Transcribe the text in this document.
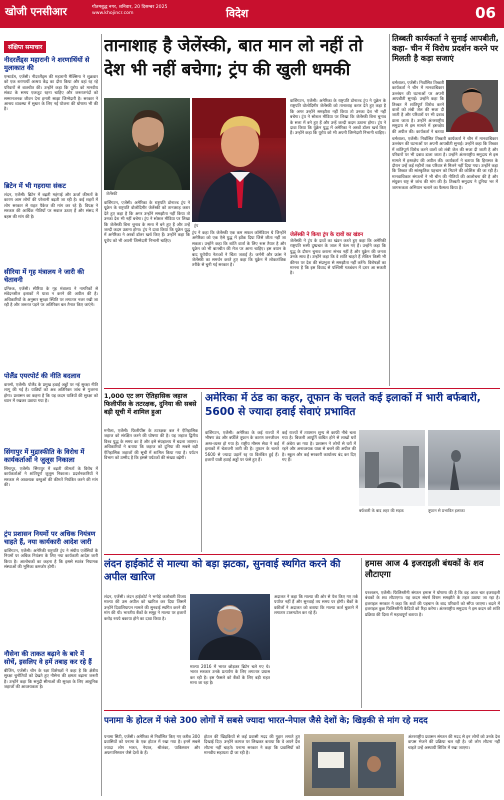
खोजी एनसीआर	गौतमबुद्ध नगर, शनिवार, 20 दिसम्बर 2025
www.khojincr.com	विदेश	06
संक्षिप्त समाचार
नीदरलैंड्स महारानी ने शरणार्थियों से मुलाकात की

एम्स्टर्डम, एजेंसी। नीदरलैंड्स की महारानी मैक्सिमा ने शुक्रवार को एक शरणार्थी आश्रय केंद्र का दौरा किया और वहां रह रहे परिवारों से बातचीत की। उन्होंने कहा कि यूरोप को मानवीय संकट के समय एकजुट रहना चाहिए और जरूरतमंदों को सम्मानजनक जीवन देना हमारी साझा जिम्मेदारी है। सरकार ने आश्रय व्यवस्था में सुधार के लिए नई योजना की घोषणा भी की है।

ब्रिटेन में भी गहराया संकट

लंदन, एजेंसी। ब्रिटेन में बढ़ती महंगाई और ऊर्जा कीमतों के कारण आम लोगों की परेशानी बढ़ती जा रही है। कई शहरों में लोग सरकार से राहत पैकेज की मांग कर रहे हैं। विपक्ष ने सरकार की आर्थिक नीतियों पर सवाल उठाए हैं और संसद में बहस की मांग की है।

सीरिया में गृह मंत्रालय ने जारी की चेतावनी

दमिश्क, एजेंसी। सीरिया के गृह मंत्रालय ने नागरिकों से संवेदनशील इलाकों में यात्रा न करने की अपील की है। अधिकारियों के अनुसार सुरक्षा स्थिति पर लगातार नजर रखी जा रही है और जरूरत पड़ने पर अतिरिक्त बल तैनात किए जाएंगे।

पोलैंड एयरपोर्ट की नीति बदलाव

वारसॉ, एजेंसी। पोलैंड के प्रमुख हवाई अड्डों पर नई सुरक्षा नीति लागू की गई है। यात्रियों को अब अतिरिक्त जांच से गुजरना होगा। प्रशासन का कहना है कि यह कदम यात्रियों की सुरक्षा को ध्यान में रखकर उठाया गया है।

सिंगापुर में मुद्रास्फीति के विरोध में कार्यकर्ताओं ने जुलूस निकाला

सिंगापुर, एजेंसी। सिंगापुर में बढ़ती कीमतों के विरोध में कार्यकर्ताओं ने शांतिपूर्ण जुलूस निकाला। प्रदर्शनकारियों ने सरकार से आवश्यक वस्तुओं की कीमतें नियंत्रित करने की मांग की।

ट्रंप प्रशासन नियमों पर अधिक नियंत्रण चाहते हैं, नया कार्यकारी आदेश जारी

वाशिंगटन, एजेंसी। अमेरिकी राष्ट्रपति ट्रंप ने संघीय एजेंसियों के नियमों पर अधिक नियंत्रण के लिए नया कार्यकारी आदेश जारी किया है। आलोचकों का कहना है कि इससे स्वतंत्र नियामक संस्थाओं की भूमिका कमजोर होगी।

नौसेना की ताकत बढ़ाने के बारे में सोचें, इसलिए वे हमें तबाह कर रहे हैं

बीजिंग, एजेंसी। चीन के रक्षा विशेषज्ञों ने कहा है कि क्षेत्रीय सुरक्षा चुनौतियों को देखते हुए नौसेना की क्षमता बढ़ाना जरूरी है। उन्होंने कहा कि समुद्री सीमाओं की सुरक्षा के लिए आधुनिक जहाजों की आवश्यकता है।

तानाशाह है जेलेंस्की, बात मान लो नहीं तो देश भी नहीं बचेगा; ट्रंप की खुली धमकी
जेलेंस्की
ट्रंप
वाशिंगटन, एजेंसी। अमेरिका के राष्ट्रपति डोनाल्ड ट्रंप ने यूक्रेन के राष्ट्रपति वोलोदिमीर जेलेंस्की को तानाशाह करार देते हुए कहा है कि अगर उन्होंने समझौता नहीं किया तो उनका देश भी नहीं बचेगा। ट्रंप ने सोशल मीडिया पर लिखा कि जेलेंस्की बिना चुनाव के सत्ता में बने हुए हैं और उन्हें जल्दी कदम उठाना होगा। ट्रंप ने दावा किया कि यूक्रेन युद्ध में अमेरिका ने अरबों डॉलर खर्च किए हैं। उन्होंने कहा कि यूरोप को भी अपनी जिम्मेदारी निभानी चाहिए।
ट्रंप ने कहा कि जेलेंस्की एक कम सफल कॉमेडियन थे जिन्होंने अमेरिका को एक ऐसे युद्ध में झोंक दिया जिसे जीता नहीं जा सकता। उन्होंने कहा कि शांति वार्ता के लिए रूस तैयार है और यूक्रेन को भी बातचीत की मेज पर आना चाहिए। इस बयान के बाद यूरोपीय नेताओं ने चिंता जताई है। जर्मनी और फ्रांस ने जेलेंस्की का समर्थन करते हुए कहा कि यूक्रेन में लोकतांत्रिक तरीके से चुनी गई सरकार है।
जेलेंस्की ने किया ट्रंप के दावों का खंडन
जेलेंस्की ने ट्रंप के दावों का खंडन करते हुए कहा कि अमेरिकी राष्ट्रपति रूसी दुष्प्रचार के जाल में फंस गए हैं। उन्होंने कहा कि युद्ध के दौरान चुनाव कराना संभव नहीं है और यूक्रेन की जनता उनके साथ है। उन्होंने कहा कि वे शांति चाहते हैं लेकिन किसी भी कीमत पर देश की संप्रभुता से समझौता नहीं करेंगे। विशेषज्ञों का मानना है कि इस विवाद से पश्चिमी गठबंधन में दरार आ सकती है।
वाशिंगटन, एजेंसी। अमेरिका के राष्ट्रपति डोनाल्ड ट्रंप ने यूक्रेन के राष्ट्रपति वोलोदिमीर जेलेंस्की को तानाशाह करार देते हुए कहा है कि अगर उन्होंने समझौता नहीं किया तो उनका देश भी नहीं बचेगा। ट्रंप ने सोशल मीडिया पर लिखा कि जेलेंस्की बिना चुनाव के सत्ता में बने हुए हैं और उन्हें जल्दी कदम उठाना होगा। ट्रंप ने दावा किया कि यूक्रेन युद्ध में अमेरिका ने अरबों डॉलर खर्च किए हैं। उन्होंने कहा कि यूरोप को भी अपनी जिम्मेदारी निभानी चाहिए।
तिब्बती कार्यकर्ता ने सुनाई आपबीती, कहा- चीन में विरोध प्रदर्शन करने पर मिलती है कड़ा सजाएं
धर्मशाला, एजेंसी। निर्वासित तिब्बती कार्यकर्ता ने चीन में मानवाधिकार उल्लंघन की घटनाओं पर अपनी आपबीती सुनाई। उन्होंने कहा कि तिब्बत में शांतिपूर्ण विरोध करने वालों को लंबी जेल की सजा दी जाती है और परिवारों पर भी दबाव डाला जाता है। उन्होंने अंतरराष्ट्रीय समुदाय से इस मामले में हस्तक्षेप की अपील की। कार्यकर्ता ने बताया
धर्मशाला, एजेंसी। निर्वासित तिब्बती कार्यकर्ता ने चीन में मानवाधिकार उल्लंघन की घटनाओं पर अपनी आपबीती सुनाई। उन्होंने कहा कि तिब्बत में शांतिपूर्ण विरोध करने वालों को लंबी जेल की सजा दी जाती है और परिवारों पर भी दबाव डाला जाता है। उन्होंने अंतरराष्ट्रीय समुदाय से इस मामले में हस्तक्षेप की अपील की। कार्यकर्ता ने बताया कि हिरासत के दौरान उन्हें कई महीनों तक परिवार से मिलने नहीं दिया गया। उन्होंने कहा कि तिब्बत की सांस्कृतिक पहचान को मिटाने की कोशिश की जा रही है। मानवाधिकार संगठनों ने भी चीन की नीतियों की आलोचना की है और संयुक्त राष्ट्र से जांच की मांग की है। तिब्बती समुदाय ने दुनिया भर में जागरूकता अभियान चलाने का फैसला किया है।
1,000 एट लग ऐतिहासिक जहाज फिलीपींस के तटरक्षक, दुनिया की सबसे बड़ी सूची में शामिल हुआ
मनीला, एजेंसी। फिलीपींस के तटरक्षक बल ने ऐतिहासिक जहाज को संरक्षित करने की घोषणा की है। यह जहाज द्वितीय विश्व युद्ध के समय का है और इसे संग्रहालय में बदला जाएगा। अधिकारियों ने बताया कि जहाज को दुनिया की सबसे बड़ी ऐतिहासिक जहाजों की सूची में शामिल किया गया है। पर्यटन विभाग को उम्मीद है कि इससे पर्यटकों की संख्या बढ़ेगी।
अमेरिका में ठंड का कहर, तूफान के चलते कई इलाकों में भारी बर्फबारी, 5600 से ज्यादा हवाई सेवाएं प्रभावित
वाशिंगटन, एजेंसी। अमेरिका के कई राज्यों में भीषण ठंड और बर्फीले तूफान के कारण जनजीवन अस्त-व्यस्त हो गया है। राष्ट्रीय मौसम सेवा ने कई इलाकों में चेतावनी जारी की है। तूफान के चलते 5600 से ज्यादा उड़ानें रद्द या विलंबित हुई हैं। हजारों यात्री हवाई अड्डों पर फंसे हुए हैं।
कई राज्यों में तापमान शून्य से काफी नीचे चला गया है। बिजली आपूर्ति बाधित होने से लाखों घरों में अंधेरा छा गया है। प्रशासन ने लोगों से घरों में रहने और अनावश्यक यात्रा से बचने की अपील की है। स्कूल और कई सरकारी कार्यालय बंद कर दिए गए हैं।
बर्फबारी के बाद शहर की सड़क	तूफान से प्रभावित इलाका
लंदन हाईकोर्ट से माल्या को बड़ा झटका, सुनवाई स्थगित करने की अपील खारिज
लंदन, एजेंसी। लंदन हाईकोर्ट ने भगोड़े कारोबारी विजय माल्या की उस अपील को खारिज कर दिया जिसमें उन्होंने दिवालियापन मामले की सुनवाई स्थगित करने की मांग की थी। भारतीय बैंकों के समूह ने माल्या पर हजारों करोड़ रुपये बकाया होने का दावा किया है।
माल्या 2016 में भारत छोड़कर ब्रिटेन चले गए थे। भारत सरकार उनके प्रत्यर्पण के लिए लगातार प्रयास कर रही है। इस फैसले को बैंकों के लिए बड़ी राहत माना जा रहा है।
अदालत ने कहा कि माल्या की ओर से पेश किए गए तर्क पर्याप्त नहीं हैं और सुनवाई तय समय पर होगी। बैंकों के वकीलों ने अदालत को बताया कि माल्या कर्ज चुकाने में लगातार टालमटोल कर रहे हैं।
हमास आज 4 इजराइली बंधकों के शव लौटाएगा
यरुशलम, एजेंसी। फिलिस्तीनी संगठन हमास ने घोषणा की है कि वह आज चार इजराइली बंधकों के शव लौटाएगा। यह कदम संघर्ष विराम समझौते के तहत उठाया जा रहा है। इजराइल सरकार ने कहा कि शवों की पहचान के बाद परिवारों को सौंपा जाएगा। बदले में इजराइल कुछ फिलिस्तीनी कैदियों को रिहा करेगा। अंतरराष्ट्रीय समुदाय ने इस कदम को शांति प्रक्रिया की दिशा में महत्वपूर्ण बताया है।
पनामा के होटल में फंसे 300 लोगों में सबसे ज्यादा भारत-नेपाल जैसे देशों के; खिड़की से मांग रहे मदद
पनामा सिटी, एजेंसी। अमेरिका से निर्वासित किए गए करीब 300 प्रवासियों को पनामा के एक होटल में रखा गया है। इनमें सबसे ज्यादा लोग भारत, नेपाल, श्रीलंका, पाकिस्तान और अफगानिस्तान जैसे देशों के हैं।
होटल की खिड़कियों से कई प्रवासी मदद की गुहार लगाते हुए दिखाई दिए। उन्होंने कागज पर लिखकर बताया कि वे अपने देश लौटना नहीं चाहते। पनामा सरकार ने कहा कि प्रवासियों को मानवीय सहायता दी जा रही है।
अंतरराष्ट्रीय प्रवासन संगठन की मदद से इन लोगों को उनके देश वापस भेजने की प्रक्रिया चल रही है। जो लोग लौटना नहीं चाहते उन्हें अस्थायी शिविर में रखा जाएगा।
